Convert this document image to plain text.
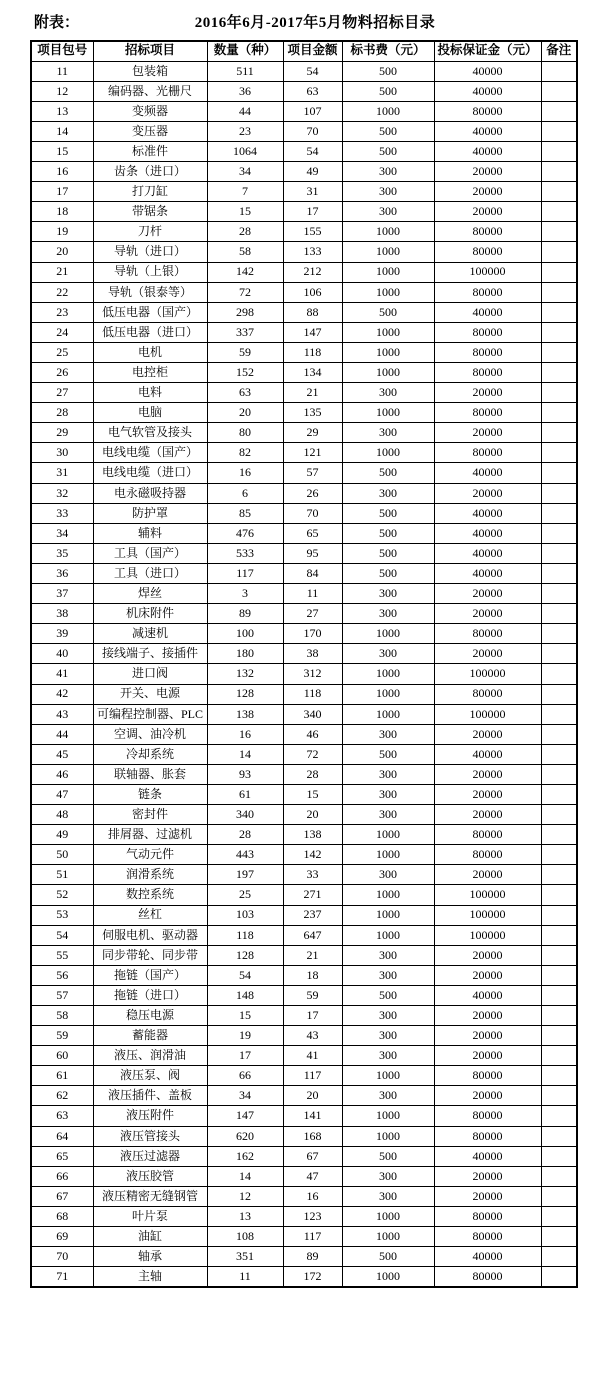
附表：	2016年6月-2017年5月物料招标目录
项目包号	招标项目	数量（种）	项目金额	标书费（元）	投标保证金（元）	备注
11	包装箱	511	54	500	40000	
12	编码器、光栅尺	36	63	500	40000	
13	变频器	44	107	1000	80000	
14	变压器	23	70	500	40000	
15	标准件	1064	54	500	40000	
16	齿条（进口）	34	49	300	20000	
17	打刀缸	7	31	300	20000	
18	带锯条	15	17	300	20000	
19	刀杆	28	155	1000	80000	
20	导轨（进口）	58	133	1000	80000	
21	导轨（上银）	142	212	1000	100000	
22	导轨（银泰等）	72	106	1000	80000	
23	低压电器（国产）	298	88	500	40000	
24	低压电器（进口）	337	147	1000	80000	
25	电机	59	118	1000	80000	
26	电控柜	152	134	1000	80000	
27	电料	63	21	300	20000	
28	电脑	20	135	1000	80000	
29	电气软管及接头	80	29	300	20000	
30	电线电缆（国产）	82	121	1000	80000	
31	电线电缆（进口）	16	57	500	40000	
32	电永磁吸持器	6	26	300	20000	
33	防护罩	85	70	500	40000	
34	辅料	476	65	500	40000	
35	工具（国产）	533	95	500	40000	
36	工具（进口）	117	84	500	40000	
37	焊丝	3	11	300	20000	
38	机床附件	89	27	300	20000	
39	减速机	100	170	1000	80000	
40	接线端子、接插件	180	38	300	20000	
41	进口阀	132	312	1000	100000	
42	开关、电源	128	118	1000	80000	
43	可编程控制器、PLC	138	340	1000	100000	
44	空调、油冷机	16	46	300	20000	
45	冷却系统	14	72	500	40000	
46	联轴器、胀套	93	28	300	20000	
47	链条	61	15	300	20000	
48	密封件	340	20	300	20000	
49	排屑器、过滤机	28	138	1000	80000	
50	气动元件	443	142	1000	80000	
51	润滑系统	197	33	300	20000	
52	数控系统	25	271	1000	100000	
53	丝杠	103	237	1000	100000	
54	伺服电机、驱动器	118	647	1000	100000	
55	同步带轮、同步带	128	21	300	20000	
56	拖链（国产）	54	18	300	20000	
57	拖链（进口）	148	59	500	40000	
58	稳压电源	15	17	300	20000	
59	蓄能器	19	43	300	20000	
60	液压、润滑油	17	41	300	20000	
61	液压泵、阀	66	117	1000	80000	
62	液压插件、盖板	34	20	300	20000	
63	液压附件	147	141	1000	80000	
64	液压管接头	620	168	1000	80000	
65	液压过滤器	162	67	500	40000	
66	液压胶管	14	47	300	20000	
67	液压精密无缝钢管	12	16	300	20000	
68	叶片泵	13	123	1000	80000	
69	油缸	108	117	1000	80000	
70	轴承	351	89	500	40000	
71	主轴	11	172	1000	80000	
